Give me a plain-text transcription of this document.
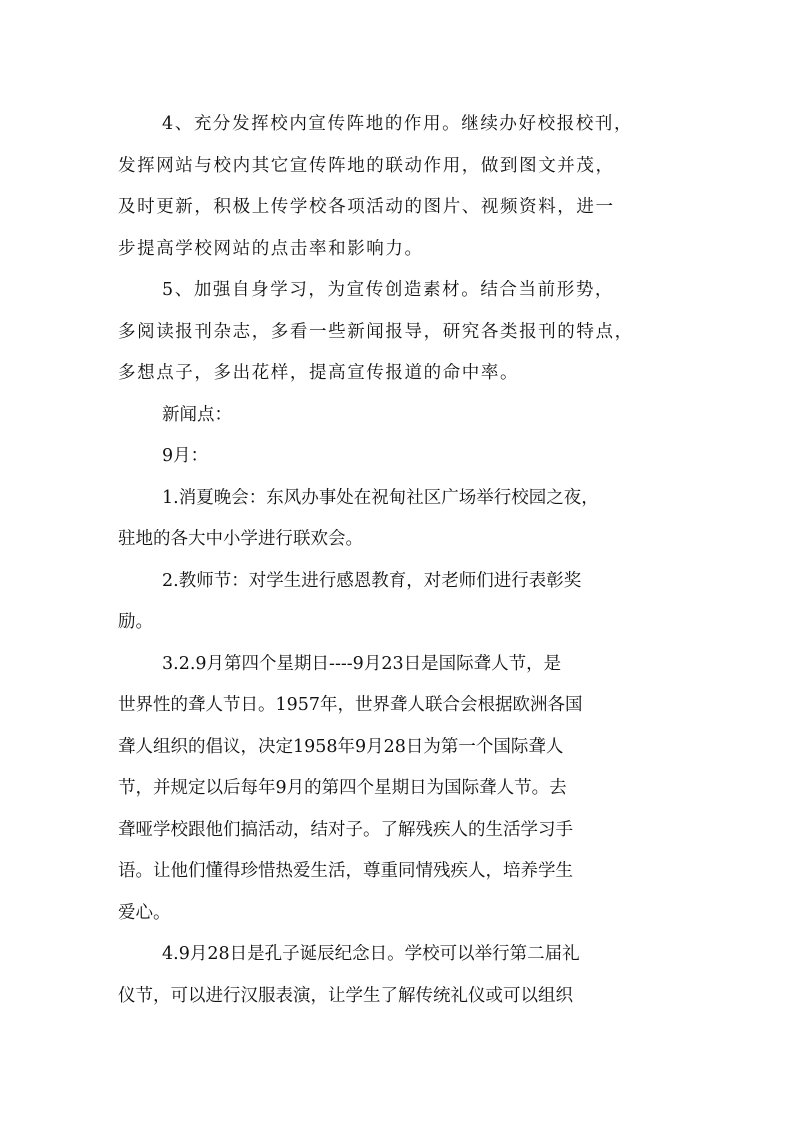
4、充分发挥校内宣传阵地的作用。继续办好校报校刊，
发挥网站与校内其它宣传阵地的联动作用，做到图文并茂，
及时更新，积极上传学校各项活动的图片、视频资料，进一
步提高学校网站的点击率和影响力。
5、加强自身学习，为宣传创造素材。结合当前形势，
多阅读报刊杂志，多看一些新闻报导，研究各类报刊的特点，
多想点子，多出花样，提高宣传报道的命中率。
新闻点：
9月：
1.消夏晚会：东风办事处在祝甸社区广场举行校园之夜，
驻地的各大中小学进行联欢会。
2.教师节：对学生进行感恩教育，对老师们进行表彰奖
励。
3.2.9月第四个星期日----9月23日是国际聋人节，是
世界性的聋人节日。1957年，世界聋人联合会根据欧洲各国
聋人组织的倡议，决定1958年9月28日为第一个国际聋人
节，并规定以后每年9月的第四个星期日为国际聋人节。去
聋哑学校跟他们搞活动，结对子。了解残疾人的生活学习手
语。让他们懂得珍惜热爱生活，尊重同情残疾人，培养学生
爱心。
4.9月28日是孔子诞辰纪念日。学校可以举行第二届礼
仪节，可以进行汉服表演，让学生了解传统礼仪或可以组织
